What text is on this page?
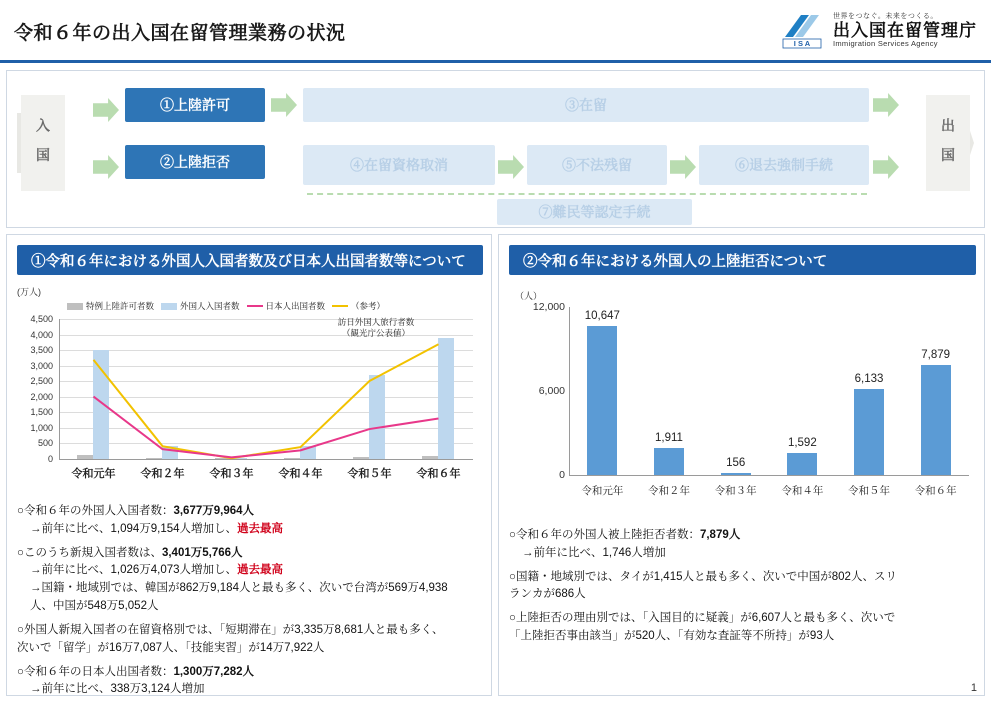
令和６年の出入国在留管理業務の状況	I S A
世界をつなぐ。未来をつくる。
出入国在留管理庁
Immigration Services Agency
入 国	出 国
①上陸許可
②上陸拒否
③在留
④在留資格取消	⑤不法残留	⑥退去強制手続
⑦難民等認定手続
①令和６年における外国人入国者数及び日本人出国者数等について
(万人)
特例上陸許可者数	外国人入国者数	日本人出国者数	（参考）
0
500
1,000
1,500
2,000
2,500
3,000
3,500
4,000
4,500	訪日外国人旅行者数
（観光庁公表値）
令和元年	令和２年	令和３年	令和４年	令和５年	令和６年

○令和６年の外国人入国者数：3,677万9,964人

→前年に比べ、1,094万9,154人増加し、過去最高

○このうち新規入国者数は、3,401万5,766人

→前年に比べ、1,026万4,073人増加し、過去最高
→国籍・地域別では、韓国が862万9,184人と最も多く、次いで台湾が569万4,938
人、中国が548万5,052人

○外国人新規入国者の在留資格別では、「短期滞在」が3,335万8,681人と最も多く、
次いで「留学」が16万7,087人、「技能実習」が14万7,922人

○令和６年の日本人出国者数：1,300万7,282人

→前年に比べ、338万3,124人増加

②令和６年における外国人の上陸拒否について
（人）
0
6,000
12,000
10,647
令和元年
1,911
令和２年
156
令和３年
1,592
令和４年
6,133
令和５年
7,879
令和６年

○令和６年の外国人被上陸拒否者数：7,879人

→前年に比べ、1,746人増加

○国籍・地域別では、タイが1,415人と最も多く、次いで中国が802人、スリ
ランカが686人

○上陸拒否の理由別では、「入国目的に疑義」が6,607人と最も多く、次いで
「上陸拒否事由該当」が520人、「有効な査証等不所持」が93人

1
